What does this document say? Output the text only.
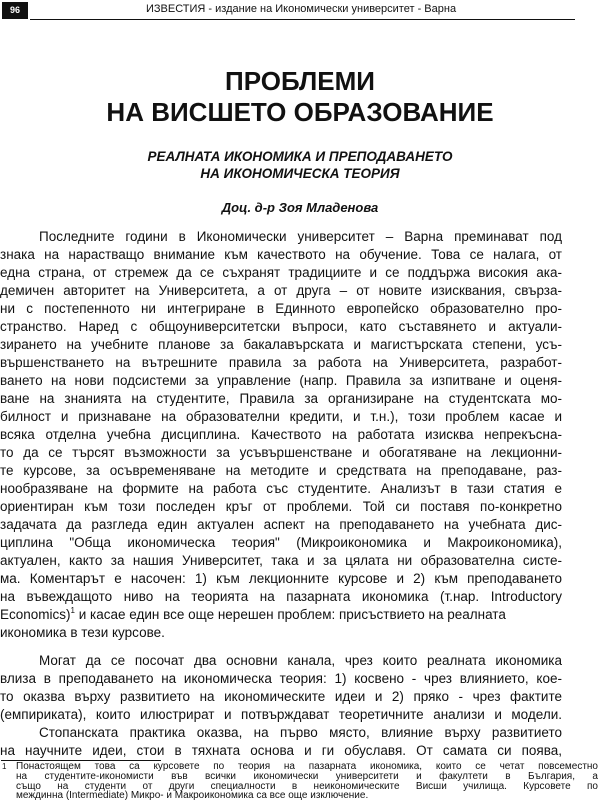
96	ИЗВЕСТИЯ - издание на Икономически университет - Варна
ПРОБЛЕМИ
НА ВИСШЕТО ОБРАЗОВАНИЕ
РЕАЛНАТА ИКОНОМИКА И ПРЕПОДАВАНЕТО
НА ИКОНОМИЧЕСКА ТЕОРИЯ
Доц. д-р Зоя Младенова
Последните години в Икономически университет – Варна преминават под
знака на нарастващо внимание към качеството на обучение. Това се налага, от
една страна, от стремеж да се съхранят традициите и се поддържа високия ака-
демичен авторитет на Университета, а от друга – от новите изисквания, свързa-
ни с постепенното ни интегриране в Единното европейско образователно про-
странство. Наред с общоуниверситетски въпроси, като съставянето и актуали-
зирането на учебните планове за бакалавърската и магистърската степени, усъ-
вършенстването на вътрешните правила за работа на Университета, разработ-
ването на нови подсистеми за управление (напр. Правила за изпитване и оценя-
ване на знанията на студентите, Правила за организиране на студентската мо-
билност и признаване на образователни кредити, и т.н.), този проблем касае и
всяка отделна учебна дисциплина. Качеството на работата изисква непрекъсна-
то да се търсят възможности за усъвършенстване и обогатяване на лекционни-
те курсове, за осъвременяване на методите и средствата на преподаване, раз-
нообразяване на формите на работа със студентите. Анализът в тази статия е
ориентиран към този последен кръг от проблеми. Той си поставя по-конкретно
задачата да разгледа един актуален аспект на преподаването на учебната дис-
циплина "Обща икономическа теория" (Микроикономика и Макроикономика),
актуален, както за нашия Университет, така и за цялата ни образователна систе-
ма. Коментарът е насочен: 1) към лекционните курсове и 2) към преподаването
на въвеждащото ниво на теорията на пазарната икономика (т.нар. Introductory
Economics)$^1$ и касае един все още нерешен проблем: присъствието на реалната
икономика в тези курсове.
Могат да се посочат два основни канала, чрез които реалната икономика
влиза в преподаването на икономическа теория: 1) косвено - чрез влиянието, кое-
то оказва върху развитието на икономическите идеи и 2) пряко - чрез фактите
(емпириката), които илюстрират и потвърждават теоретичните анализи и модели.
Стопанската практика оказва, на първо място, влияние върху развитието
на научните идеи, стои в тяхната основа и ги обуславя. От самата си поява,
1 Понастоящем това са курсовете по теория на пазарната икономика, които се четат повсеместно
на студентите-икономисти във всички икономически университети и факултети в България, а
също на студенти от други специалности в неикономическите Висши училища. Курсовете по
междинна (Intermediate) Микро- и Макроикономика са все още изключение.
